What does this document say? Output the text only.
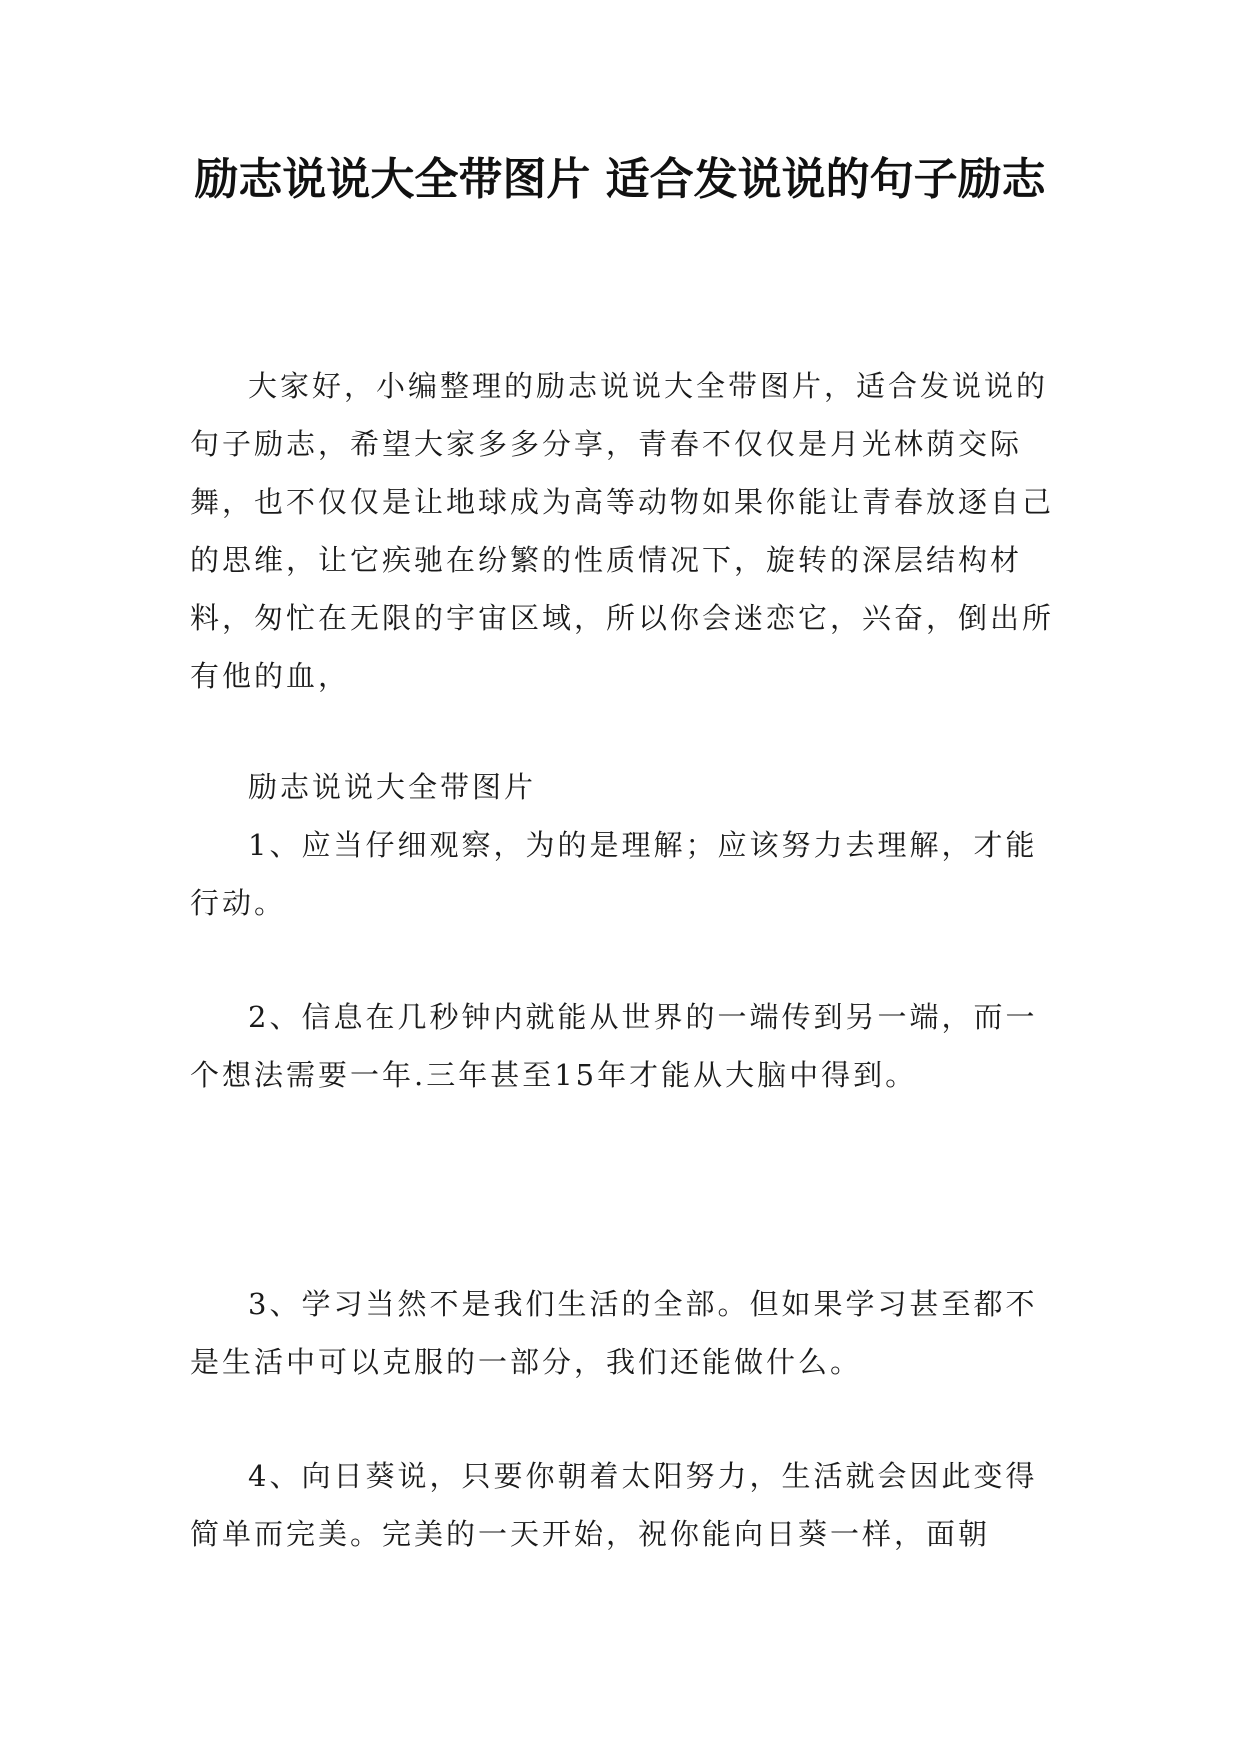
励志说说大全带图片 适合发说说的句子励志

大家好，小编整理的励志说说大全带图片，适合发说说的句子励志，希望大家多多分享，青春不仅仅是月光林荫交际舞，也不仅仅是让地球成为高等动物如果你能让青春放逐自己的思维，让它疾驰在纷繁的性质情况下，旋转的深层结构材料，匆忙在无限的宇宙区域，所以你会迷恋它，兴奋，倒出所有他的血，

励志说说大全带图片

1、应当仔细观察，为的是理解；应该努力去理解，才能行动。

2、信息在几秒钟内就能从世界的一端传到另一端，而一个想法需要一年.三年甚至15年才能从大脑中得到。

3、学习当然不是我们生活的全部。但如果学习甚至都不是生活中可以克服的一部分，我们还能做什么。

4、向日葵说，只要你朝着太阳努力，生活就会因此变得简单而完美。完美的一天开始，祝你能向日葵一样，面朝
